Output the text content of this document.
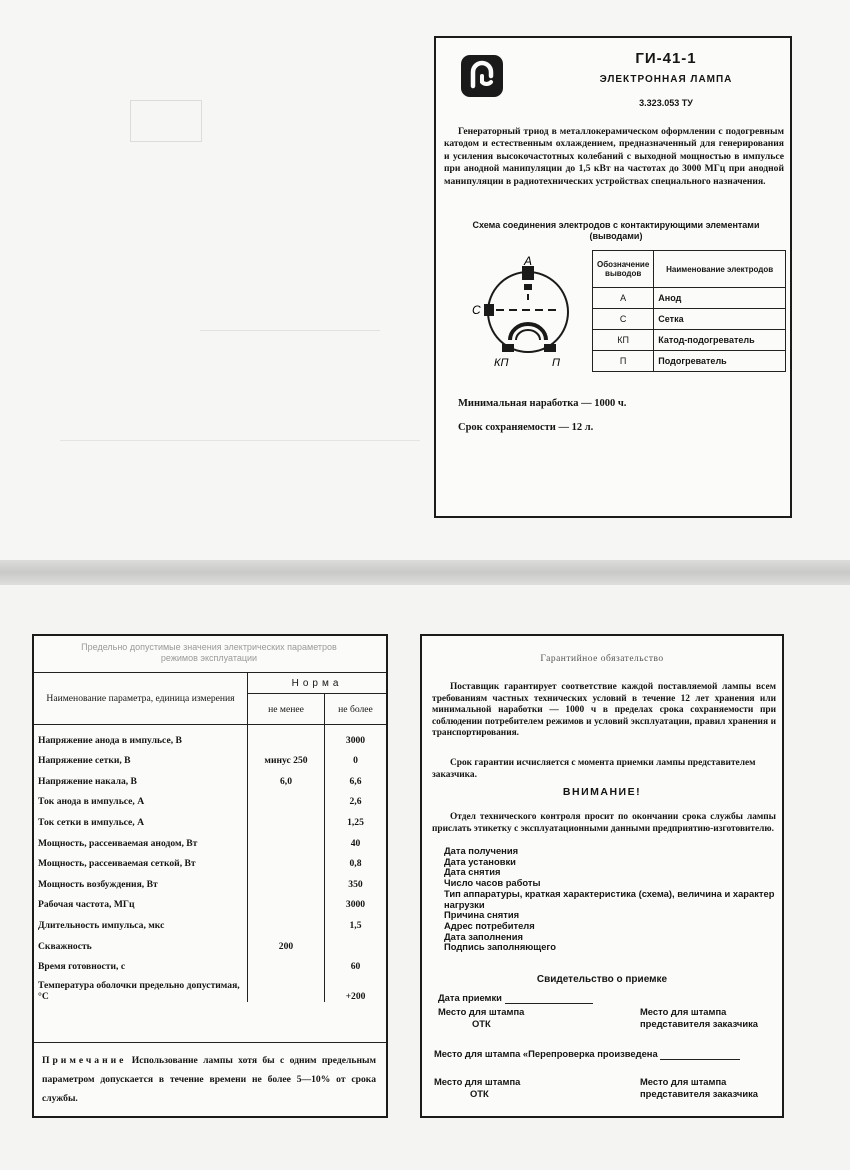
ГИ-41-1
ЭЛЕКТРОННАЯ ЛАМПА
3.323.053 ТУ
Генераторный триод в металлокерамическом оформлении с подогревным катодом и естественным охлаждением, предназначенный для генерирования и усиления высокочастотных колебаний с выходной мощностью в импульсе при анодной манипуляции до 1,5 кВт на частотах до 3000 МГц при анодной манипуляции в радиотехнических устройствах специального назначения.
Схема соединения электродов с контактирующими элементами (выводами)
А
С
КП	П
Обозначение выводов	Наименование электродов
А	Анод
С	Сетка
КП	Катод-подогреватель
П	Подогреватель
Минимальная наработка — 1000 ч.
Срок сохраняемости — 12 л.
Предельно допустимые значения электрических параметров режимов эксплуатации
Наименование параметра, единица измерения	Норма	
	не менее	не более
Напряжение анода в импульсе, В		3000
Напряжение сетки, В	минус 250	0
Напряжение накала, В	6,0	6,6
Ток анода в импульсе, А		2,6
Ток сетки в импульсе, А		1,25
Мощность, рассеиваемая анодом, Вт		40
Мощность, рассеиваемая сеткой, Вт		0,8
Мощность возбуждения, Вт		350
Рабочая частота, МГц		3000
Длительность импульса, мкс		1,5
Скважность	200	
Время готовности, с		60
Температура оболочки предельно допустимая, °С		+200
Примечание Использование лампы хотя бы с одним предельным параметром допускается в течение времени не более 5—10% от срока службы.
Гарантийное обязательство
Поставщик гарантирует соответствие каждой поставляемой лампы всем требованиям частных технических условий в течение 12 лет хранения или минимальной наработки — 1000 ч в пределах срока сохраняемости при соблюдении потребителем режимов и условий эксплуатации, правил хранения и транспортирования.
Срок гарантии исчисляется с момента приемки лампы представителем заказчика.
ВНИМАНИЕ!
Отдел технического контроля просит по окончании срока службы лампы прислать этикетку с эксплуатационными данными предприятию-изготовителю.
Дата получения
Дата установки
Дата снятия
Число часов работы
Тип аппаратуры, краткая характеристика (схема), величина и характер нагрузки
Причина снятия
Адрес потребителя
Дата заполнения
Подпись заполняющего
Свидетельство о приемке
Дата приемки
Место для штампа
ОТК
Место для штампа
представителя заказчика
Место для штампа «Перепроверка произведена
Место для штампа
ОТК
Место для штампа
представителя заказчика
